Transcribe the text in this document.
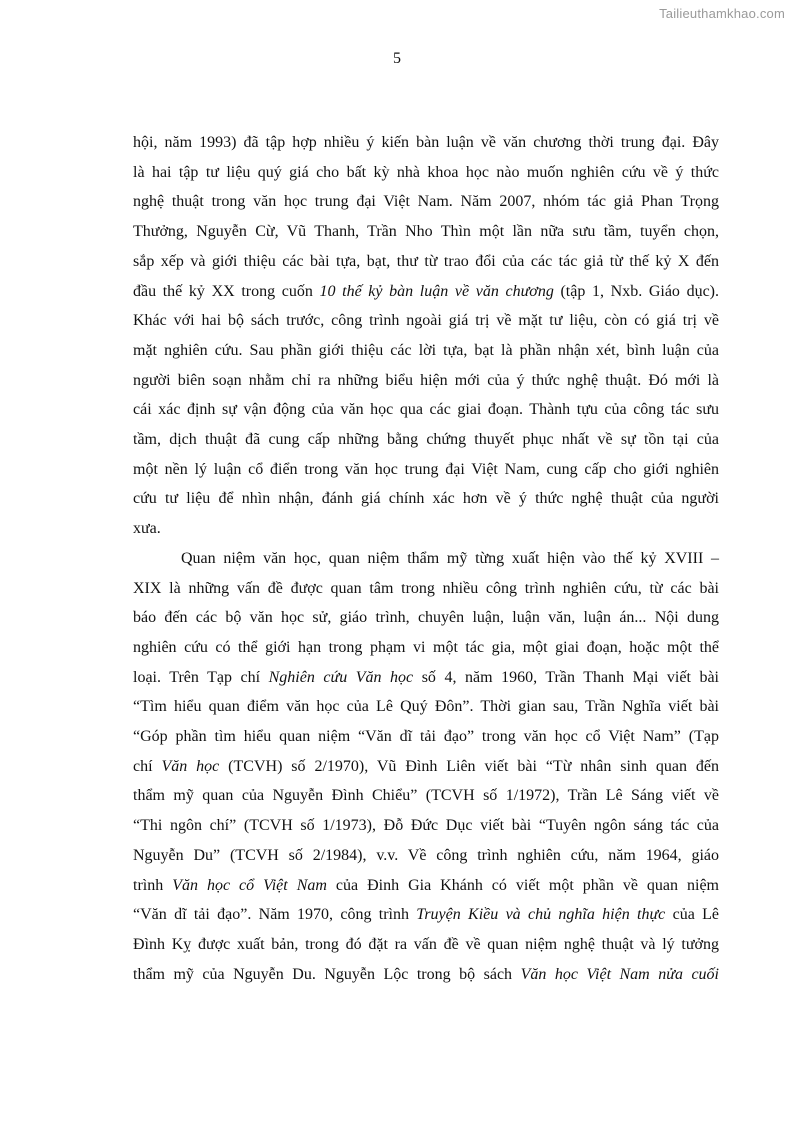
Tailieuthamkhao.com
5

hội, năm 1993) đã tập hợp nhiều ý kiến bàn luận về văn chương thời trung đại. Đây
là hai tập tư liệu quý giá cho bất kỳ nhà khoa học nào muốn nghiên cứu về ý thức
nghệ thuật trong văn học trung đại Việt Nam. Năm 2007, nhóm tác giả Phan Trọng
Thưởng, Nguyễn Cừ, Vũ Thanh, Trần Nho Thìn một lần nữa sưu tầm, tuyển chọn,
sắp xếp và giới thiệu các bài tựa, bạt, thư từ trao đổi của các tác giả từ thế kỷ X đến
đầu thế kỷ XX trong cuốn 10 thế kỷ bàn luận về văn chương (tập 1, Nxb. Giáo dục).
Khác với hai bộ sách trước, công trình ngoài giá trị về mặt tư liệu, còn có giá trị về
mặt nghiên cứu. Sau phần giới thiệu các lời tựa, bạt là phần nhận xét, bình luận của
người biên soạn nhằm chỉ ra những biểu hiện mới của ý thức nghệ thuật. Đó mới là
cái xác định sự vận động của văn học qua các giai đoạn. Thành tựu của công tác sưu
tầm, dịch thuật đã cung cấp những bằng chứng thuyết phục nhất về sự tồn tại của
một nền lý luận cổ điển trong văn học trung đại Việt Nam, cung cấp cho giới nghiên
cứu tư liệu để nhìn nhận, đánh giá chính xác hơn về ý thức nghệ thuật của người
xưa.

Quan niệm văn học, quan niệm thẩm mỹ từng xuất hiện vào thế kỷ XVIII –
XIX là những vấn đề được quan tâm trong nhiều công trình nghiên cứu, từ các bài
báo đến các bộ văn học sử, giáo trình, chuyên luận, luận văn, luận án... Nội dung
nghiên cứu có thể giới hạn trong phạm vi một tác gia, một giai đoạn, hoặc một thể
loại. Trên Tạp chí Nghiên cứu Văn học số 4, năm 1960, Trần Thanh Mại viết bài
“Tìm hiểu quan điểm văn học của Lê Quý Đôn”. Thời gian sau, Trần Nghĩa viết bài
“Góp phần tìm hiểu quan niệm “Văn dĩ tải đạo” trong văn học cổ Việt Nam” (Tạp
chí Văn học (TCVH) số 2/1970), Vũ Đình Liên viết bài “Từ nhân sinh quan đến
thẩm mỹ quan của Nguyễn Đình Chiểu” (TCVH số 1/1972), Trần Lê Sáng viết về
“Thi ngôn chí” (TCVH số 1/1973), Đỗ Đức Dục viết bài “Tuyên ngôn sáng tác của
Nguyễn Du” (TCVH số 2/1984), v.v. Về công trình nghiên cứu, năm 1964, giáo
trình Văn học cổ Việt Nam của Đinh Gia Khánh có viết một phần về quan niệm
“Văn dĩ tải đạo”. Năm 1970, công trình Truyện Kiều và chủ nghĩa hiện thực của Lê
Đình Kỵ được xuất bản, trong đó đặt ra vấn đề về quan niệm nghệ thuật và lý tưởng
thẩm mỹ của Nguyễn Du. Nguyễn Lộc trong bộ sách Văn học Việt Nam nửa cuối
